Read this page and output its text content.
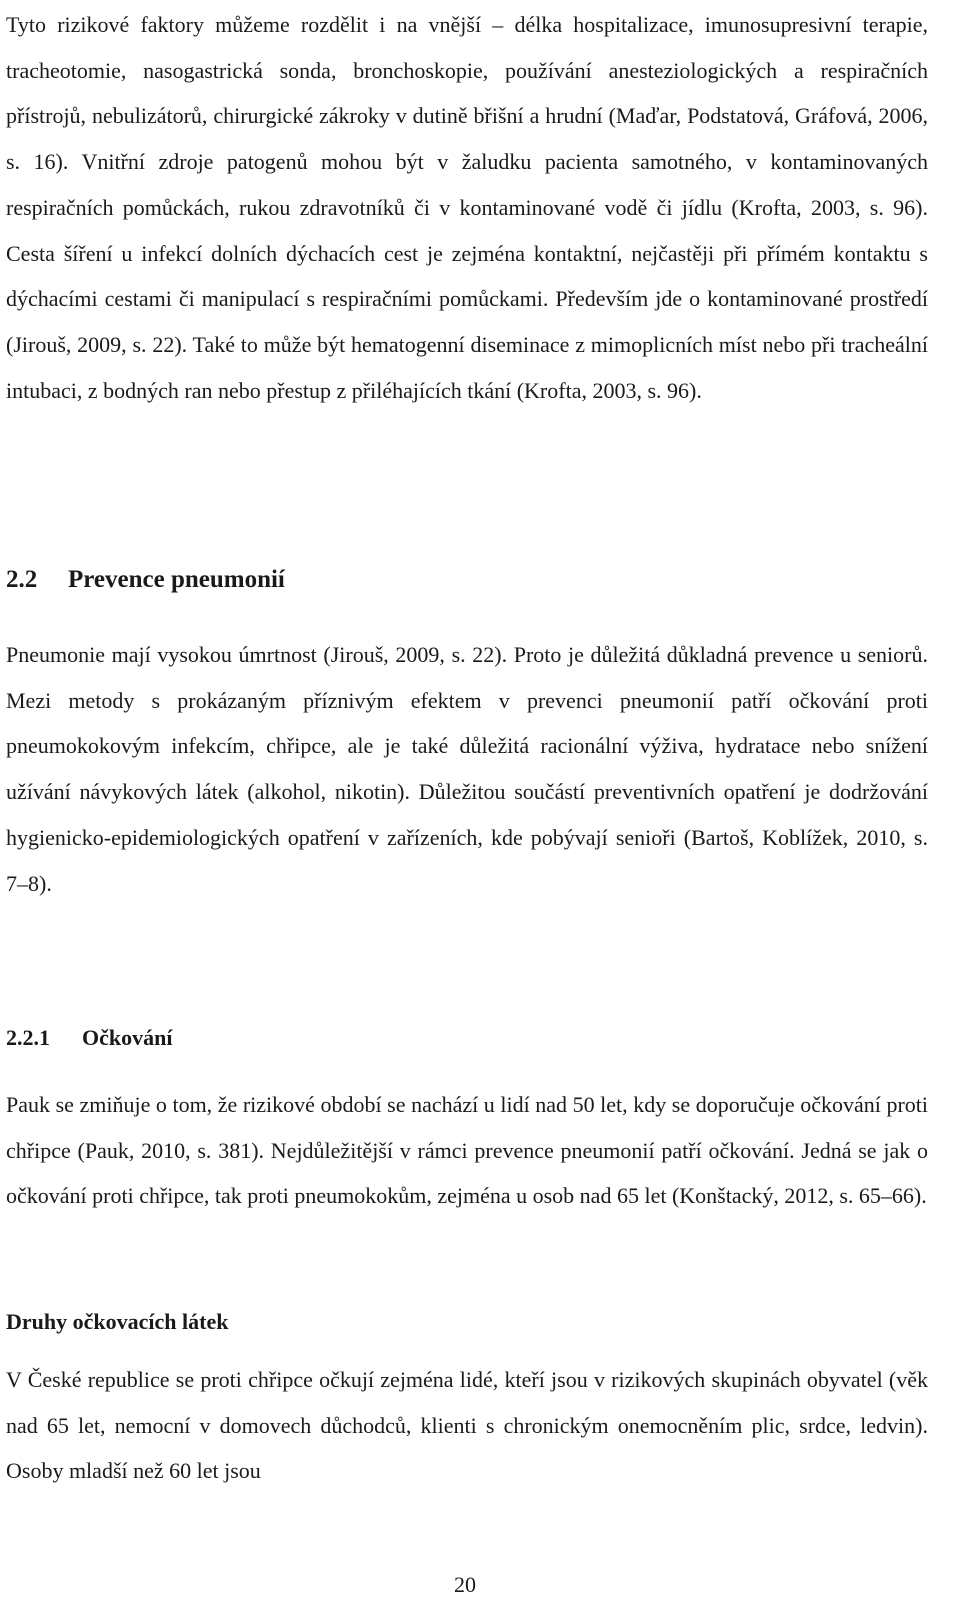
Tyto rizikové faktory můžeme rozdělit i na vnější – délka hospitalizace, imunosupresivní terapie, tracheotomie, nasogastrická sonda, bronchoskopie, používání anesteziologických a respiračních přístrojů, nebulizátorů, chirurgické zákroky v dutině břišní a hrudní (Maďar, Podstatová, Gráfová, 2006, s. 16). Vnitřní zdroje patogenů mohou být v žaludku pacienta samotného, v kontaminovaných respiračních pomůckách, rukou zdravotníků či v kontaminované vodě či jídlu (Krofta, 2003, s. 96). Cesta šíření u infekcí dolních dýchacích cest je zejména kontaktní, nejčastěji při přímém kontaktu s dýchacími cestami či manipulací s respiračními pomůckami. Především jde o kontaminované prostředí (Jirouš, 2009, s. 22). Také to může být hematogenní diseminace z mimoplicních míst nebo při tracheální intubaci, z bodných ran nebo přestup z přiléhajících tkání (Krofta, 2003, s. 96).

2.2 Prevence pneumonií

Pneumonie mají vysokou úmrtnost (Jirouš, 2009, s. 22). Proto je důležitá důkladná prevence u seniorů. Mezi metody s prokázaným příznivým efektem v prevenci pneumonií patří očkování proti pneumokokovým infekcím, chřipce, ale je také důležitá racionální výživa, hydratace nebo snížení užívání návykových látek (alkohol, nikotin). Důležitou součástí preventivních opatření je dodržování hygienicko-epidemiologických opatření v zařízeních, kde pobývají senioři (Bartoš, Koblížek, 2010, s. 7–8).

2.2.1 Očkování

Pauk se zmiňuje o tom, že rizikové období se nachází u lidí nad 50 let, kdy se doporučuje očkování proti chřipce (Pauk, 2010, s. 381). Nejdůležitější v rámci prevence pneumonií patří očkování. Jedná se jak o očkování proti chřipce, tak proti pneumokokům, zejména u osob nad 65 let (Konštacký, 2012, s. 65–66).

Druhy očkovacích látek

V České republice se proti chřipce očkují zejména lidé, kteří jsou v rizikových skupinách obyvatel (věk nad 65 let, nemocní v domovech důchodců, klienti s chronickým onemocněním plic, srdce, ledvin). Osoby mladší než 60 let jsou

20
